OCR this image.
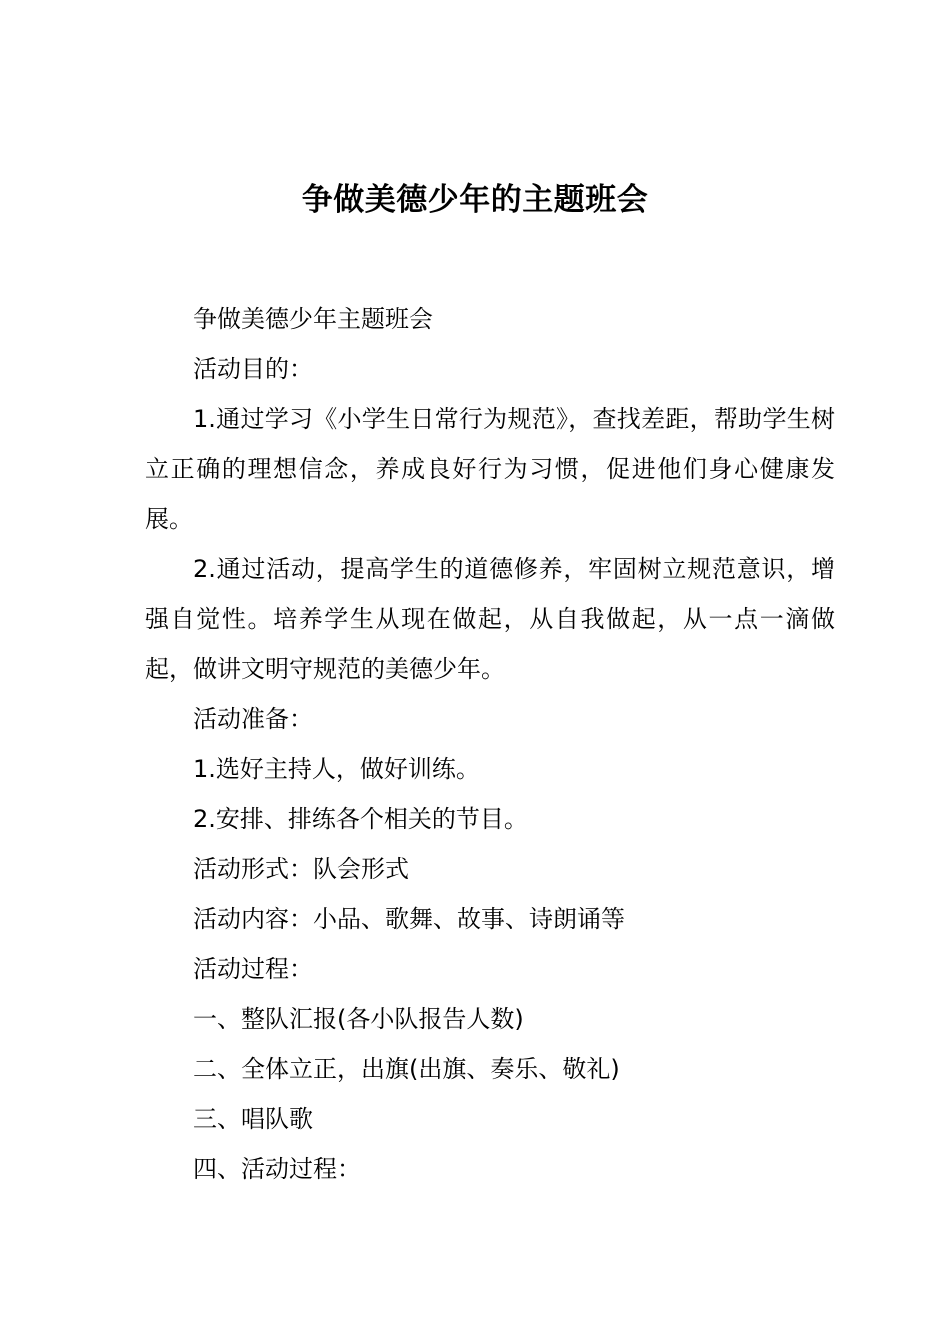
争做美德少年的主题班会

争做美德少年主题班会

活动目的：

1.通过学习《小学生日常行为规范》，查找差距，帮助学生树立正确的理想信念，养成良好行为习惯，促进他们身心健康发展。

2.通过活动，提高学生的道德修养，牢固树立规范意识，增强自觉性。培养学生从现在做起，从自我做起，从一点一滴做起，做讲文明守规范的美德少年。

活动准备：

1.选好主持人，做好训练。

2.安排、排练各个相关的节目。

活动形式：队会形式

活动内容：小品、歌舞、故事、诗朗诵等

活动过程：

一、整队汇报(各小队报告人数)

二、全体立正，出旗(出旗、奏乐、敬礼)

三、唱队歌

四、活动过程：
